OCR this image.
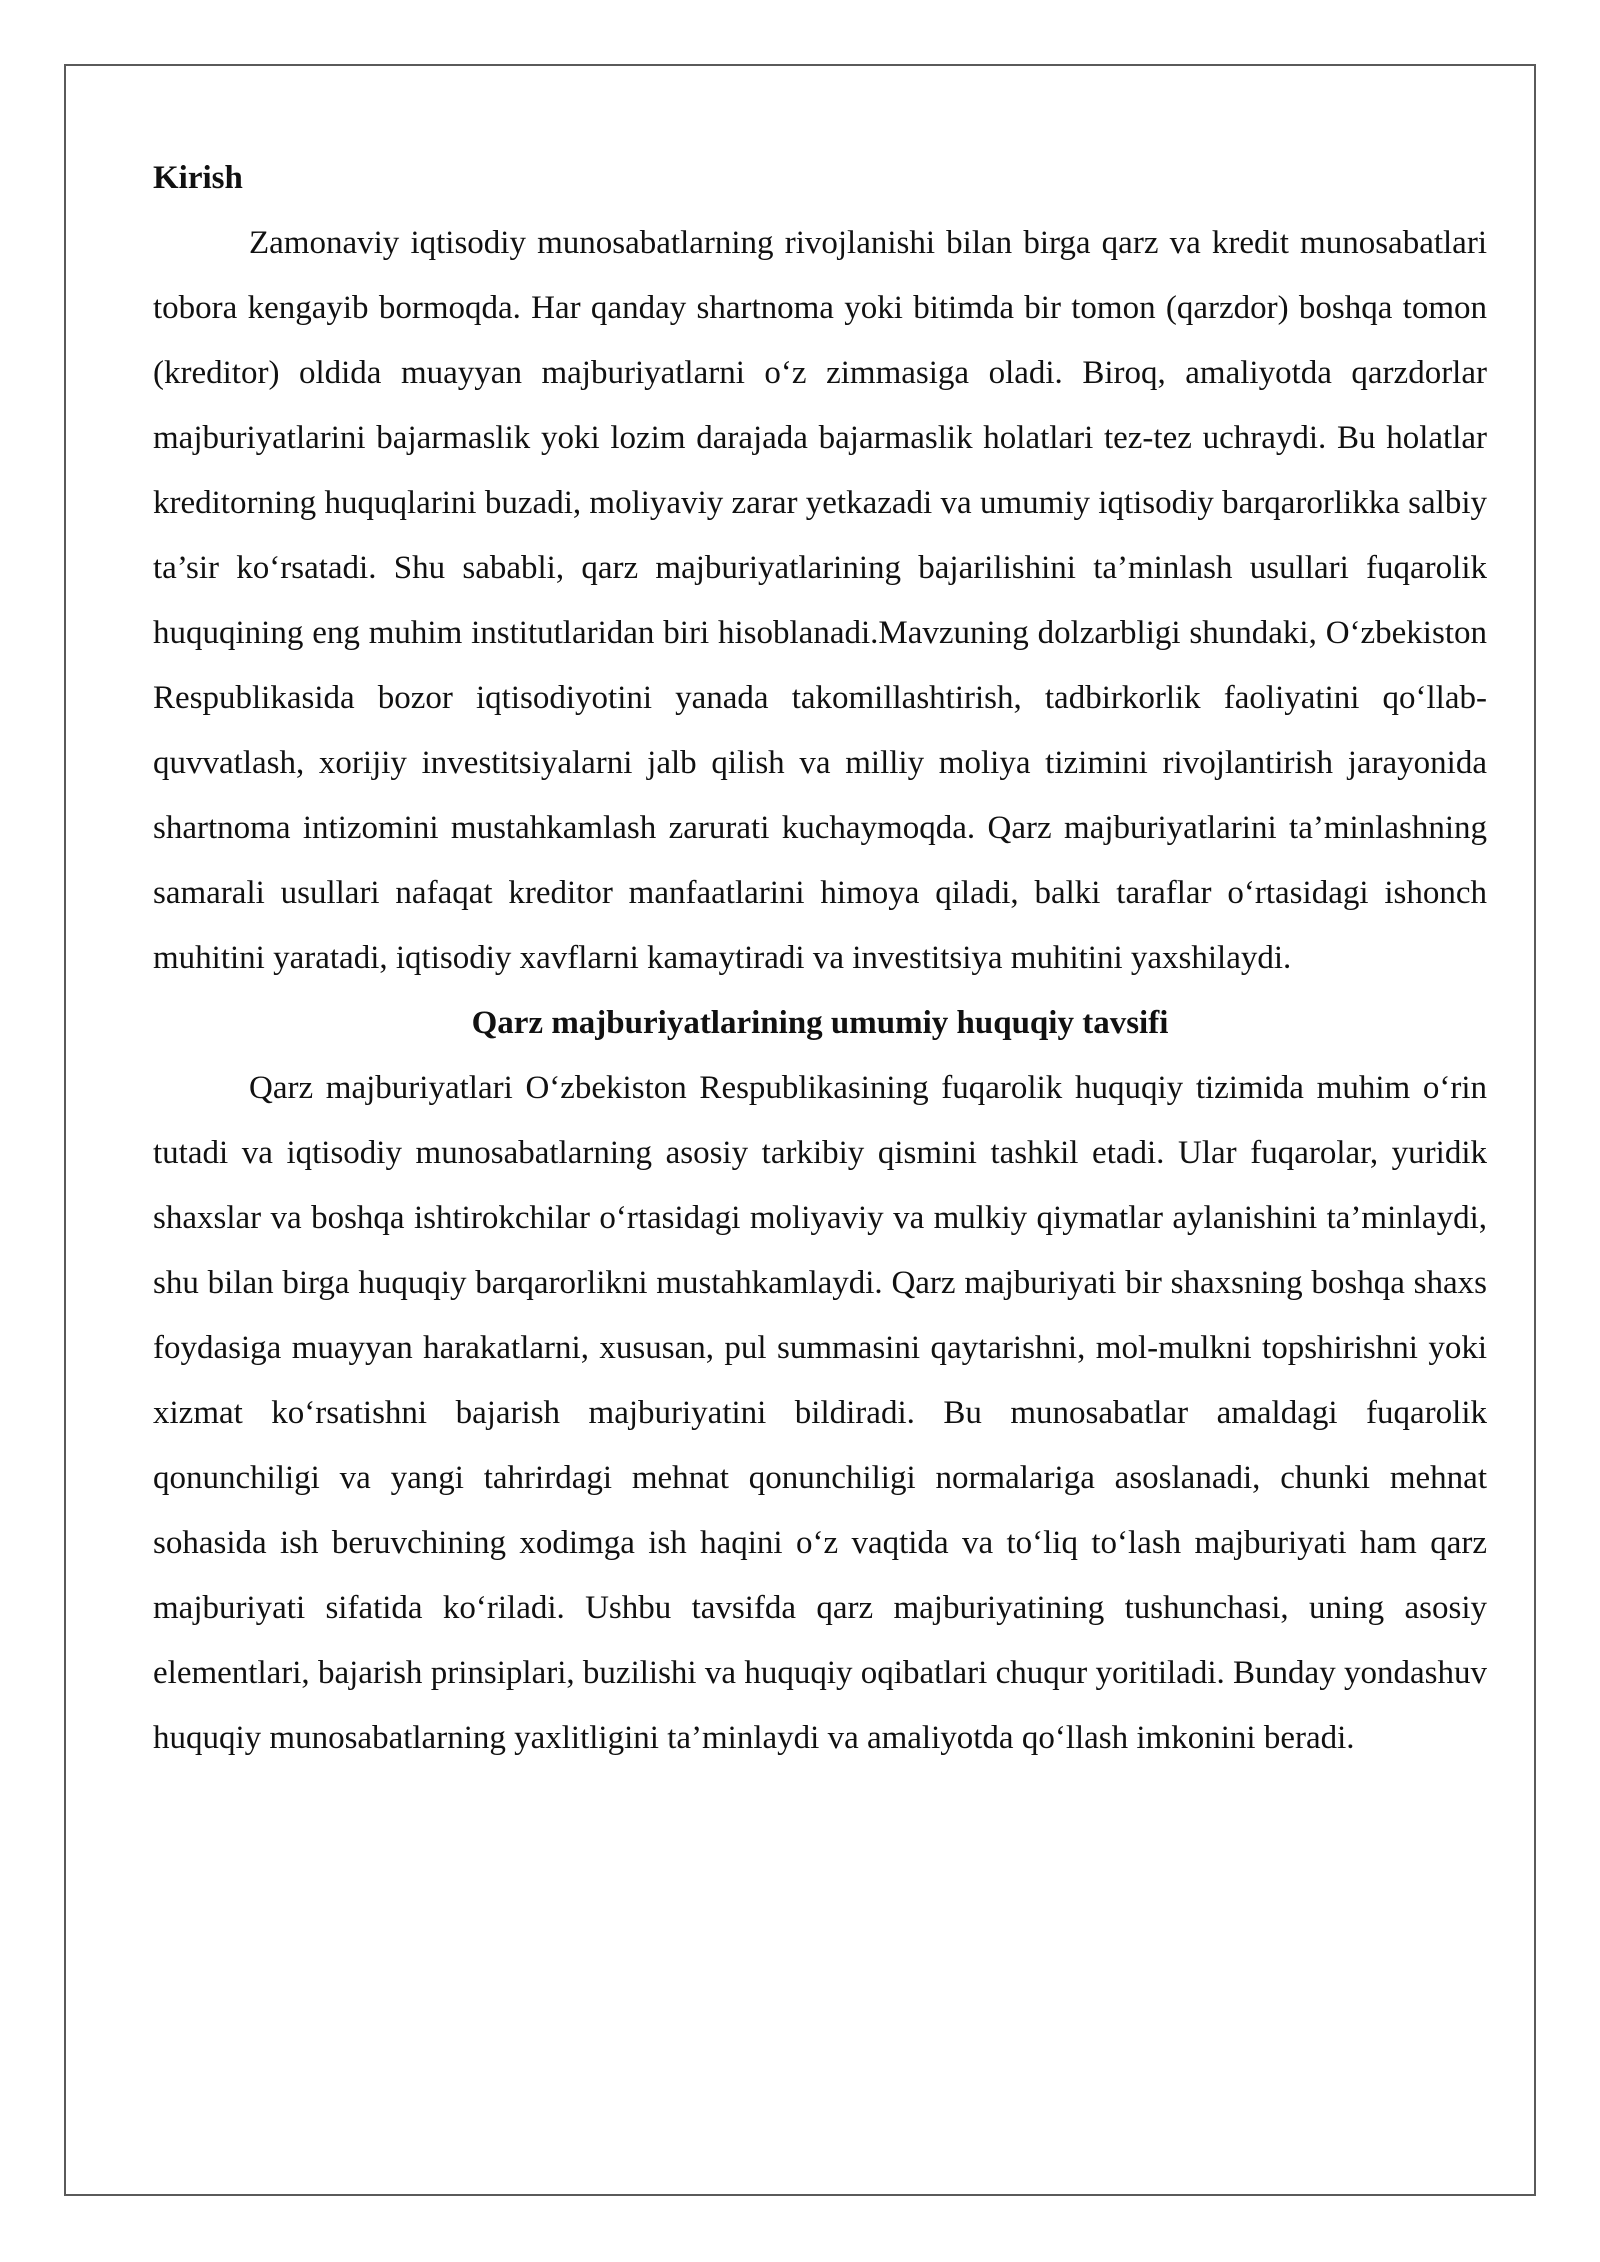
Kirish

Zamonaviy iqtisodiy munosabatlarning rivojlanishi bilan birga qarz va kredit munosabatlari tobora kengayib bormoqda. Har qanday shartnoma yoki bitimda bir tomon (qarzdor) boshqa tomon (kreditor) oldida muayyan majburiyatlarni o‘z zimmasiga oladi. Biroq, amaliyotda qarzdorlar majburiyatlarini bajarmaslik yoki lozim darajada bajarmaslik holatlari tez-tez uchraydi. Bu holatlar kreditorning huquqlarini buzadi, moliyaviy zarar yetkazadi va umumiy iqtisodiy barqarorlikka salbiy ta’sir ko‘rsatadi. Shu sababli, qarz majburiyatlarining bajarilishini ta’minlash usullari fuqarolik huquqining eng muhim institutlaridan biri hisoblanadi.Mavzuning dolzarbligi shundaki, O‘zbekiston Respublikasida bozor iqtisodiyotini yanada takomillashtirish, tadbirkorlik faoliyatini qo‘llab-quvvatlash, xorijiy investitsiyalarni jalb qilish va milliy moliya tizimini rivojlantirish jarayonida shartnoma intizomini mustahkamlash zarurati kuchaymoqda. Qarz majburiyatlarini ta’minlashning samarali usullari nafaqat kreditor manfaatlarini himoya qiladi, balki taraflar o‘rtasidagi ishonch muhitini yaratadi, iqtisodiy xavflarni kamaytiradi va investitsiya muhitini yaxshilaydi.

Qarz majburiyatlarining umumiy huquqiy tavsifi

Qarz majburiyatlari O‘zbekiston Respublikasining fuqarolik huquqiy tizimida muhim o‘rin tutadi va iqtisodiy munosabatlarning asosiy tarkibiy qismini tashkil etadi. Ular fuqarolar, yuridik shaxslar va boshqa ishtirokchilar o‘rtasidagi moliyaviy va mulkiy qiymatlar aylanishini ta’minlaydi, shu bilan birga huquqiy barqarorlikni mustahkamlaydi. Qarz majburiyati bir shaxsning boshqa shaxs foydasiga muayyan harakatlarni, xususan, pul summasini qaytarishni, mol-mulkni topshirishni yoki xizmat ko‘rsatishni bajarish majburiyatini bildiradi. Bu munosabatlar amaldagi fuqarolik qonunchiligi va yangi tahrirdagi mehnat qonunchiligi normalariga asoslanadi, chunki mehnat sohasida ish beruvchining xodimga ish haqini o‘z vaqtida va to‘liq to‘lash majburiyati ham qarz majburiyati sifatida ko‘riladi. Ushbu tavsifda qarz majburiyatining tushunchasi, uning asosiy elementlari, bajarish prinsiplari, buzilishi va huquqiy oqibatlari chuqur yoritiladi. Bunday yondashuv huquqiy munosabatlarning yaxlitligini ta’minlaydi va amaliyotda qo‘llash imkonini beradi.
